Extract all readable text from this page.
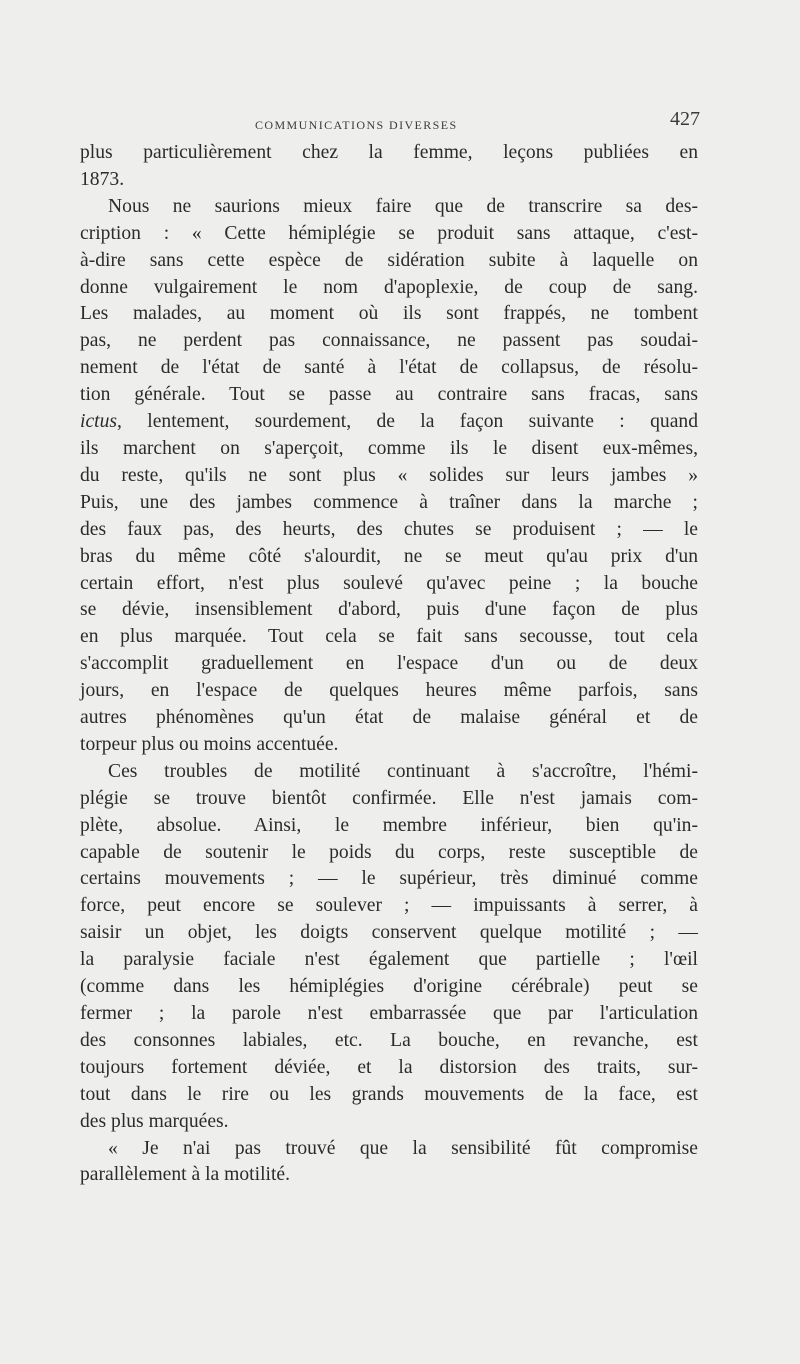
COMMUNICATIONS DIVERSES	427

plus particulièrement chez la femme, leçons publiées en

1873.

Nous ne saurions mieux faire que de transcrire sa des-

cription : « Cette hémiplégie se produit sans attaque, c'est-

à-dire sans cette espèce de sidération subite à laquelle on

donne vulgairement le nom d'apoplexie, de coup de sang.

Les malades, au moment où ils sont frappés, ne tombent

pas, ne perdent pas connaissance, ne passent pas soudai-

nement de l'état de santé à l'état de collapsus, de résolu-

tion générale. Tout se passe au contraire sans fracas, sans

ictus, lentement, sourdement, de la façon suivante : quand

ils marchent on s'aperçoit, comme ils le disent eux-mêmes,

du reste, qu'ils ne sont plus « solides sur leurs jambes »

Puis, une des jambes commence à traîner dans la marche ;

des faux pas, des heurts, des chutes se produisent ; — le

bras du même côté s'alourdit, ne se meut qu'au prix d'un

certain effort, n'est plus soulevé qu'avec peine ; la bouche

se dévie, insensiblement d'abord, puis d'une façon de plus

en plus marquée. Tout cela se fait sans secousse, tout cela

s'accomplit graduellement en l'espace d'un ou de deux

jours, en l'espace de quelques heures même parfois, sans

autres phénomènes qu'un état de malaise général et de

torpeur plus ou moins accentuée.

Ces troubles de motilité continuant à s'accroître, l'hémi-

plégie se trouve bientôt confirmée. Elle n'est jamais com-

plète, absolue. Ainsi, le membre inférieur, bien qu'in-

capable de soutenir le poids du corps, reste susceptible de

certains mouvements ; — le supérieur, très diminué comme

force, peut encore se soulever ; — impuissants à serrer, à

saisir un objet, les doigts conservent quelque motilité ; —

la paralysie faciale n'est également que partielle ; l'œil

(comme dans les hémiplégies d'origine cérébrale) peut se

fermer ; la parole n'est embarrassée que par l'articulation

des consonnes labiales, etc. La bouche, en revanche, est

toujours fortement déviée, et la distorsion des traits, sur-

tout dans le rire ou les grands mouvements de la face, est

des plus marquées.

« Je n'ai pas trouvé que la sensibilité fût compromise

parallèlement à la motilité.
